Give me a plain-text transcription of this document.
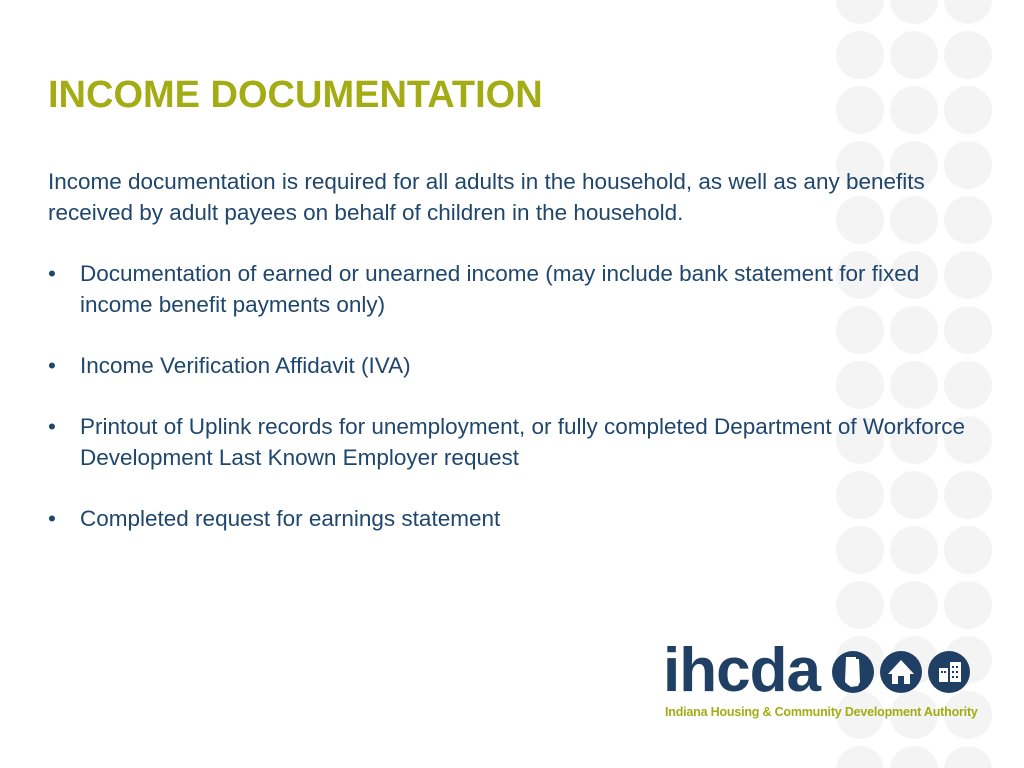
INCOME DOCUMENTATION

Income documentation is required for all adults in the household, as well as any benefits received by adult payees on behalf of children in the household.

•	Documentation of earned or unearned income (may include bank statement for fixed income benefit payments only)
•	Income Verification Affidavit (IVA)
•	Printout of Uplink records for unemployment, or fully completed Department of Workforce Development Last Known Employer request
•	Completed request for earnings statement
ihcda
Indiana Housing & Community Development Authority
